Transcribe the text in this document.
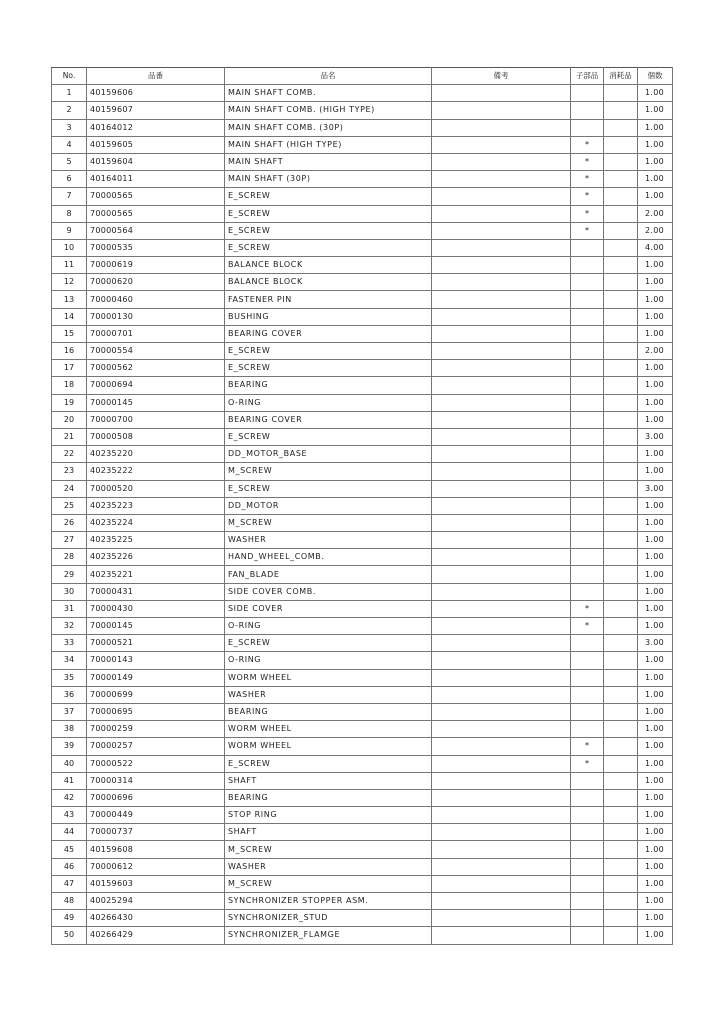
No.	品番	品名	備考	子部品	消耗品	個数
1	40159606	MAIN SHAFT COMB.				1.00
2	40159607	MAIN SHAFT COMB. (HIGH TYPE)				1.00
3	40164012	MAIN SHAFT COMB. (30P)				1.00
4	40159605	MAIN SHAFT (HIGH TYPE)		*		1.00
5	40159604	MAIN SHAFT		*		1.00
6	40164011	MAIN SHAFT (30P)		*		1.00
7	70000565	E_SCREW		*		1.00
8	70000565	E_SCREW		*		2.00
9	70000564	E_SCREW		*		2.00
10	70000535	E_SCREW				4.00
11	70000619	BALANCE BLOCK				1.00
12	70000620	BALANCE BLOCK				1.00
13	70000460	FASTENER PIN				1.00
14	70000130	BUSHING				1.00
15	70000701	BEARING COVER				1.00
16	70000554	E_SCREW				2.00
17	70000562	E_SCREW				1.00
18	70000694	BEARING				1.00
19	70000145	O-RING				1.00
20	70000700	BEARING COVER				1.00
21	70000508	E_SCREW				3.00
22	40235220	DD_MOTOR_BASE				1.00
23	40235222	M_SCREW				1.00
24	70000520	E_SCREW				3.00
25	40235223	DD_MOTOR				1.00
26	40235224	M_SCREW				1.00
27	40235225	WASHER				1.00
28	40235226	HAND_WHEEL_COMB.				1.00
29	40235221	FAN_BLADE				1.00
30	70000431	SIDE COVER COMB.				1.00
31	70000430	SIDE COVER		*		1.00
32	70000145	O-RING		*		1.00
33	70000521	E_SCREW				3.00
34	70000143	O-RING				1.00
35	70000149	WORM WHEEL				1.00
36	70000699	WASHER				1.00
37	70000695	BEARING				1.00
38	70000259	WORM WHEEL				1.00
39	70000257	WORM WHEEL		*		1.00
40	70000522	E_SCREW		*		1.00
41	70000314	SHAFT				1.00
42	70000696	BEARING				1.00
43	70000449	STOP RING				1.00
44	70000737	SHAFT				1.00
45	40159608	M_SCREW				1.00
46	70000612	WASHER				1.00
47	40159603	M_SCREW				1.00
48	40025294	SYNCHRONIZER STOPPER ASM.				1.00
49	40266430	SYNCHRONIZER_STUD				1.00
50	40266429	SYNCHRONIZER_FLAMGE				1.00
